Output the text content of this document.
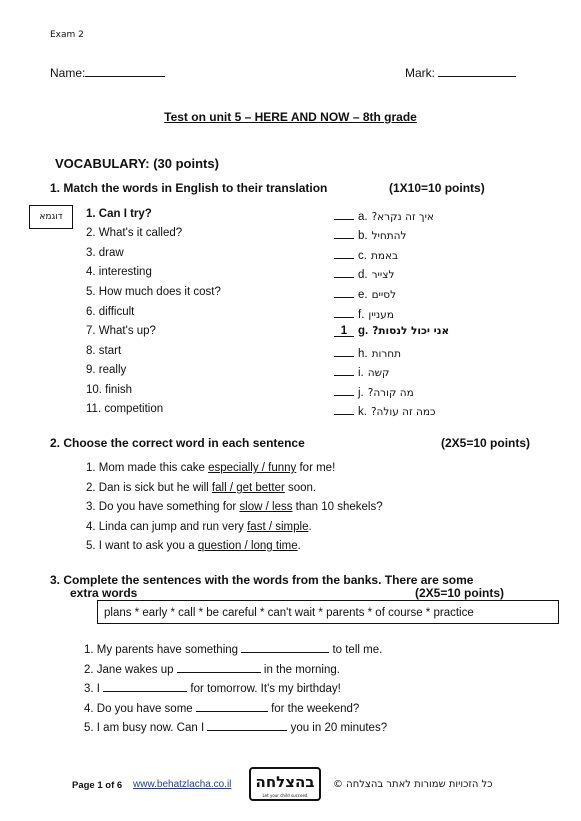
Exam 2
Name:	Mark:
Test on unit 5 – HERE AND NOW – 8th grade
VOCABULARY: (30 points)
1. Match the words in English to their translation	(1X10=10 points)
דוגמא	1. Can I try?
2. What's it called?
3. draw
4. interesting
5. How much does it cost?
6. difficult
7. What's up?
8. start
9. really
10. finish
11. competition
a. איך זה נקרא?
b. להתחיל
c. באמת
d. לצייר
e. לסיים
f. מעניין
1 g. אני יכול לנסות?
h. תחרות
i. קשה
j. מה קורה?
k. כמה זה עולה?
2. Choose the correct word in each sentence	(2X5=10 points)
1. Mom made this cake especially / funny for me!
2. Dan is sick but he will fall / get better soon.
3. Do you have something for slow / less than 10 shekels?
4. Linda can jump and run very fast / simple.
5. I want to ask you a question / long time.
3. Complete the sentences with the words from the banks. There are some
extra words	(2X5=10 points)
plans * early * call * be careful * can't wait * parents * of course * practice
1. My parents have something	to tell me.
2. Jane wakes up	in the morning.
3. I	for tomorrow. It's my birthday!
4. Do you have some	for the weekend?
5. I am busy now. Can I	you in 20 minutes?
Page 1 of 6 www.behatzlacha.co.il	בהצלחה
Let your child succeed
כל הזכויות שמורות לאתר בהצלחה ©
